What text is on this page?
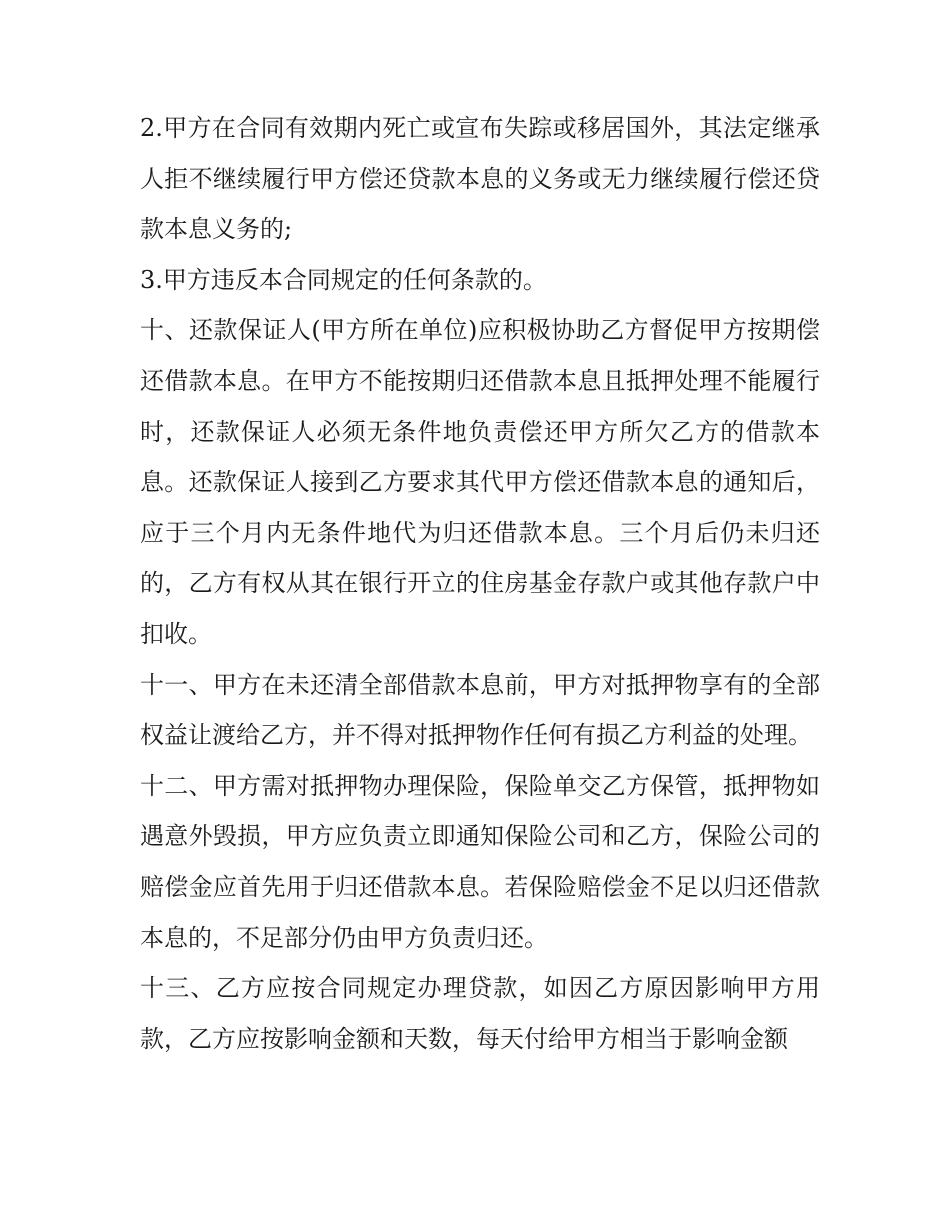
2.甲方在合同有效期内死亡或宣布失踪或移居国外，其法定继承人拒不继续履行甲方偿还贷款本息的义务或无力继续履行偿还贷款本息义务的;

3.甲方违反本合同规定的任何条款的。

十、还款保证人(甲方所在单位)应积极协助乙方督促甲方按期偿还借款本息。在甲方不能按期归还借款本息且抵押处理不能履行时，还款保证人必须无条件地负责偿还甲方所欠乙方的借款本息。还款保证人接到乙方要求其代甲方偿还借款本息的通知后，应于三个月内无条件地代为归还借款本息。三个月后仍未归还的，乙方有权从其在银行开立的住房基金存款户或其他存款户中扣收。

十一、甲方在未还清全部借款本息前，甲方对抵押物享有的全部权益让渡给乙方，并不得对抵押物作任何有损乙方利益的处理。

十二、甲方需对抵押物办理保险，保险单交乙方保管，抵押物如遇意外毁损，甲方应负责立即通知保险公司和乙方，保险公司的赔偿金应首先用于归还借款本息。若保险赔偿金不足以归还借款本息的，不足部分仍由甲方负责归还。

十三、乙方应按合同规定办理贷款，如因乙方原因影响甲方用款，乙方应按影响金额和天数，每天付给甲方相当于影响金额
